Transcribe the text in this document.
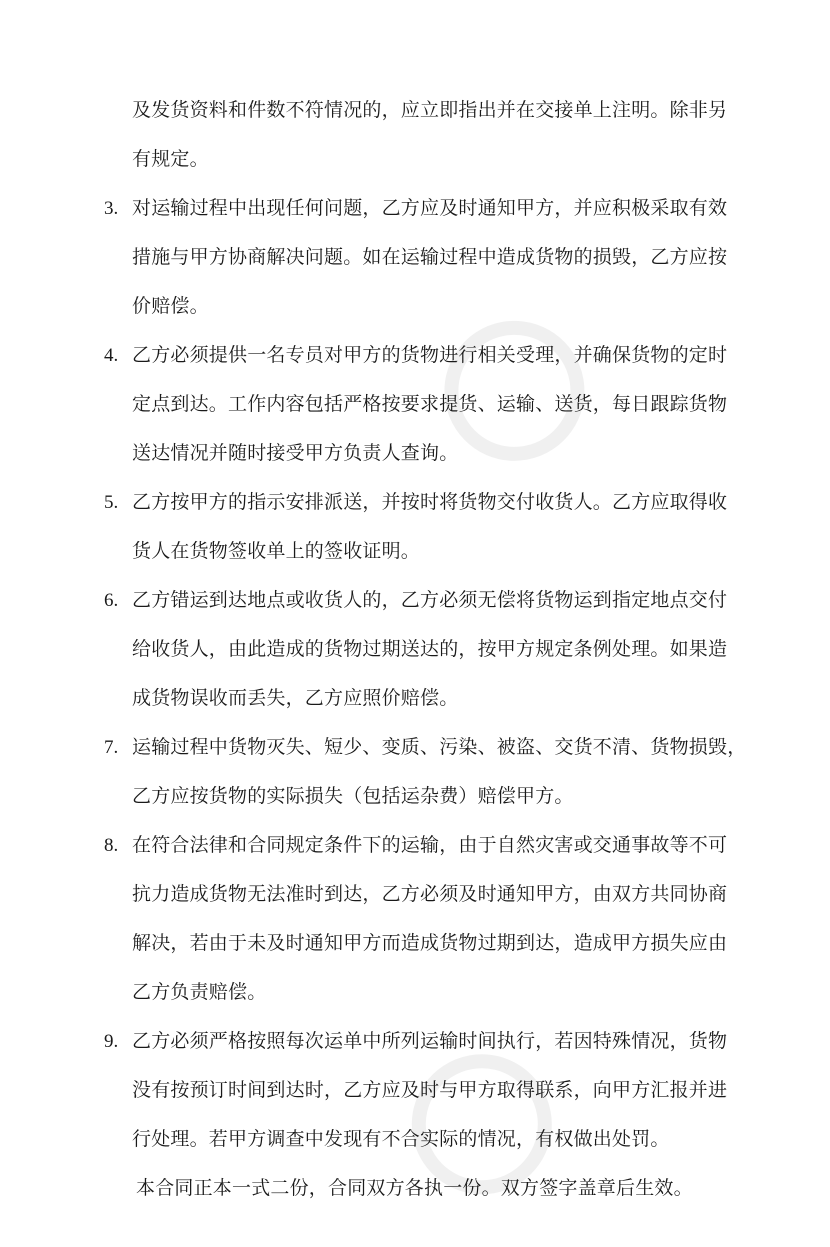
及发货资料和件数不符情况的，应立即指出并在交接单上注明。除非另
有规定。
3. 对运输过程中出现任何问题，乙方应及时通知甲方，并应积极采取有效
措施与甲方协商解决问题。如在运输过程中造成货物的损毁，乙方应按
价赔偿。
4. 乙方必须提供一名专员对甲方的货物进行相关受理，并确保货物的定时
定点到达。工作内容包括严格按要求提货、运输、送货，每日跟踪货物
送达情况并随时接受甲方负责人查询。
5. 乙方按甲方的指示安排派送，并按时将货物交付收货人。乙方应取得收
货人在货物签收单上的签收证明。
6. 乙方错运到达地点或收货人的，乙方必须无偿将货物运到指定地点交付
给收货人，由此造成的货物过期送达的，按甲方规定条例处理。如果造
成货物误收而丢失，乙方应照价赔偿。
7. 运输过程中货物灭失、短少、变质、污染、被盗、交货不清、货物损毁，
乙方应按货物的实际损失（包括运杂费）赔偿甲方。
8. 在符合法律和合同规定条件下的运输，由于自然灾害或交通事故等不可
抗力造成货物无法准时到达，乙方必须及时通知甲方，由双方共同协商
解决，若由于未及时通知甲方而造成货物过期到达，造成甲方损失应由
乙方负责赔偿。
9. 乙方必须严格按照每次运单中所列运输时间执行，若因特殊情况，货物
没有按预订时间到达时，乙方应及时与甲方取得联系，向甲方汇报并进
行处理。若甲方调查中发现有不合实际的情况，有权做出处罚。
本合同正本一式二份，合同双方各执一份。双方签字盖章后生效。
